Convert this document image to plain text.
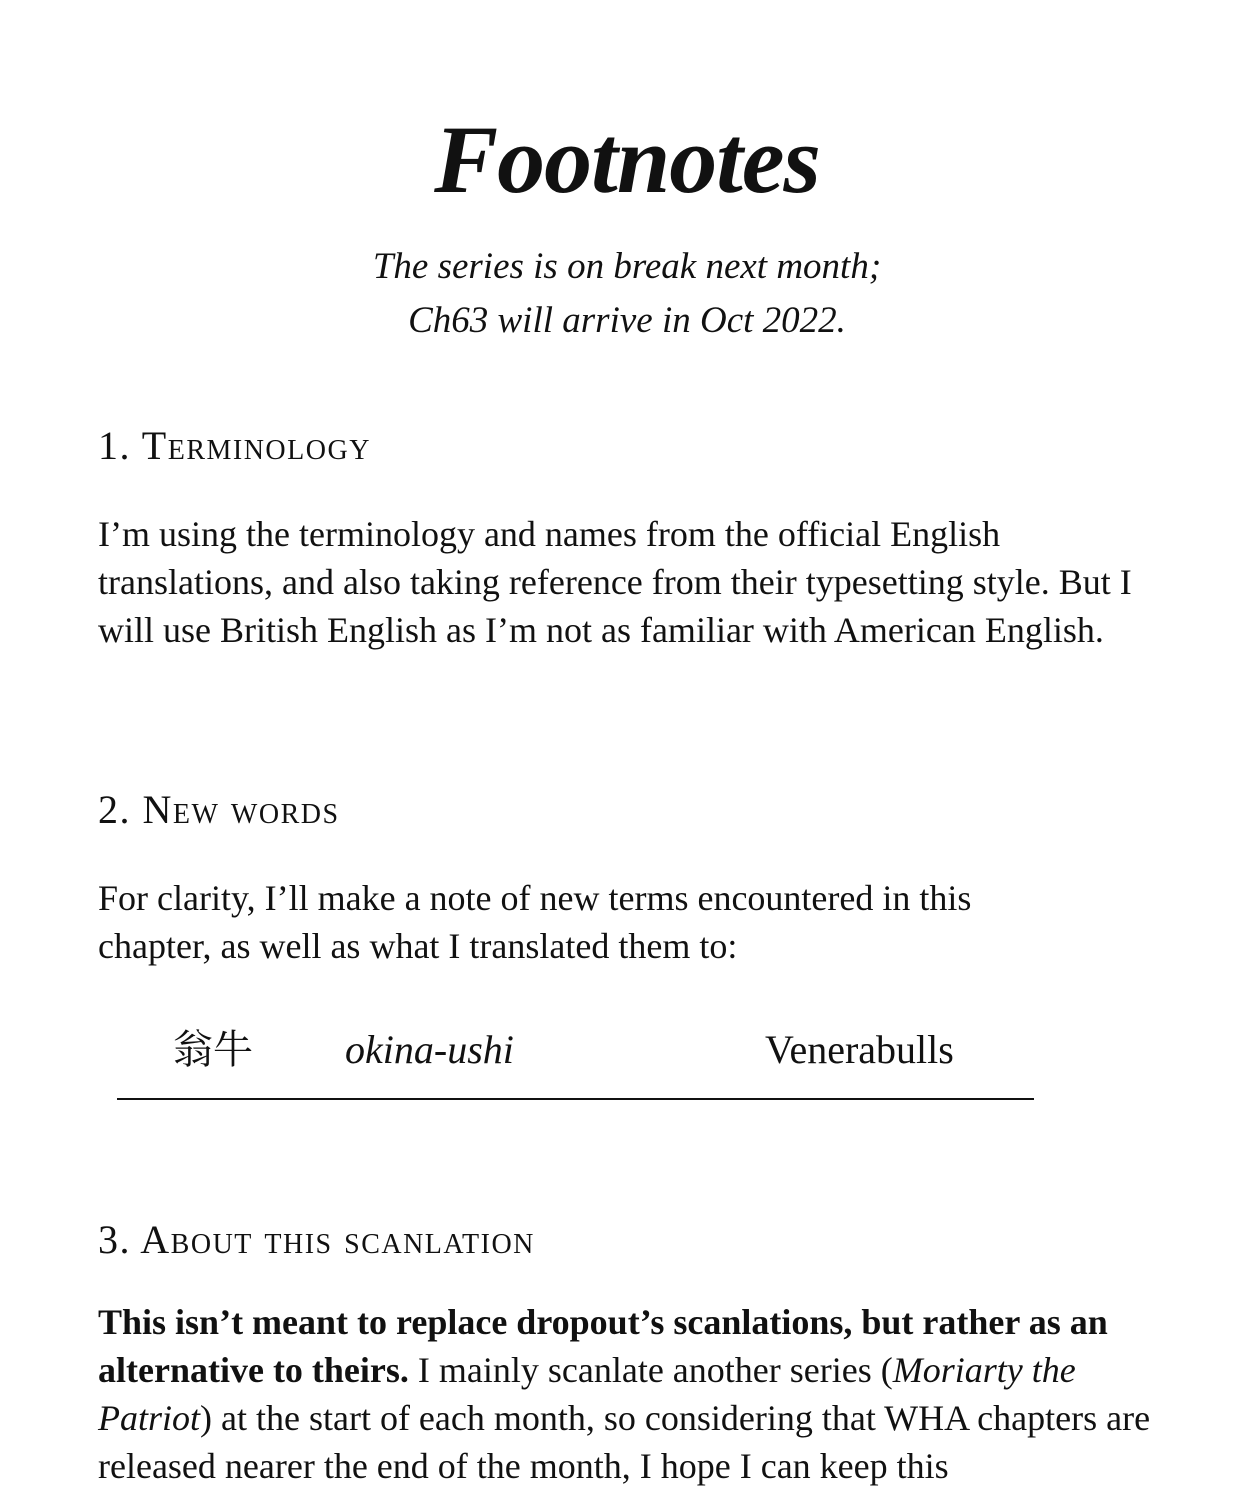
Footnotes
The series is on break next month;
Ch63 will arrive in Oct 2022.
1. Terminology
I’m using the terminology and names from the official English translations, and also taking reference from their typesetting style. But I will use British English as I’m not as familiar with American English.
2. New words
For clarity, I’ll make a note of new terms encountered in this chapter, as well as what I translated them to:
翁牛 okina-ushi	Venerabulls
3. About this scanlation
This isn’t meant to replace dropout’s scanlations, but rather as an alternative to theirs. I mainly scanlate another series (Moriarty the Patriot) at the start of each month, so considering that WHA chapters are released nearer the end of the month, I hope I can keep this
